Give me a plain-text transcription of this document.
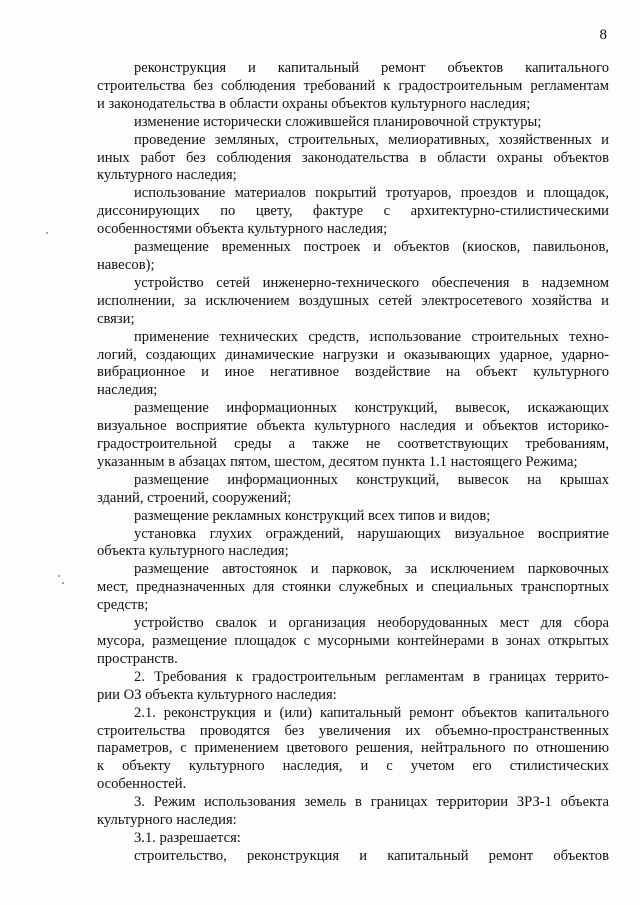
8
реконструкция и капитальный ремонт объектов капитального
строительства без соблюдения требований к градостроительным регламентам
и законодательства в области охраны объектов культурного наследия;
изменение исторически сложившейся планировочной структуры;
проведение земляных, строительных, мелиоративных, хозяйственных и
иных работ без соблюдения законодательства в области охраны объектов
культурного наследия;
использование материалов покрытий тротуаров, проездов и площадок,
диссонирующих по цвету, фактуре с архитектурно-стилистическими
особенностями объекта культурного наследия;
размещение временных построек и объектов (киосков, павильонов,
навесов);
устройство сетей инженерно-технического обеспечения в надземном
исполнении, за исключением воздушных сетей электросетевого хозяйства и
связи;
применение технических средств, использование строительных техно-
логий, создающих динамические нагрузки и оказывающих ударное, ударно-
вибрационное и иное негативное воздействие на объект культурного
наследия;
размещение информационных конструкций, вывесок, искажающих
визуальное восприятие объекта культурного наследия и объектов историко-
градостроительной среды а также не соответствующих требованиям,
указанным в абзацах пятом, шестом, десятом пункта 1.1 настоящего Режима;
размещение информационных конструкций, вывесок на крышах
зданий, строений, сооружений;
размещение рекламных конструкций всех типов и видов;
установка глухих ограждений, нарушающих визуальное восприятие
объекта культурного наследия;
размещение автостоянок и парковок, за исключением парковочных
мест, предназначенных для стоянки служебных и специальных транспортных
средств;
устройство свалок и организация необорудованных мест для сбора
мусора, размещение площадок с мусорными контейнерами в зонах открытых
пространств.
2. Требования к градостроительным регламентам в границах террито-
рии ОЗ объекта культурного наследия:
2.1. реконструкция и (или) капитальный ремонт объектов капитального
строительства проводятся без увеличения их объемно-пространственных
параметров, с применением цветового решения, нейтрального по отношению
к объекту культурного наследия, и с учетом его стилистических
особенностей.
3. Режим использования земель в границах территории ЗРЗ-1 объекта
культурного наследия:
3.1. разрешается:
строительство, реконструкция и капитальный ремонт объектов
